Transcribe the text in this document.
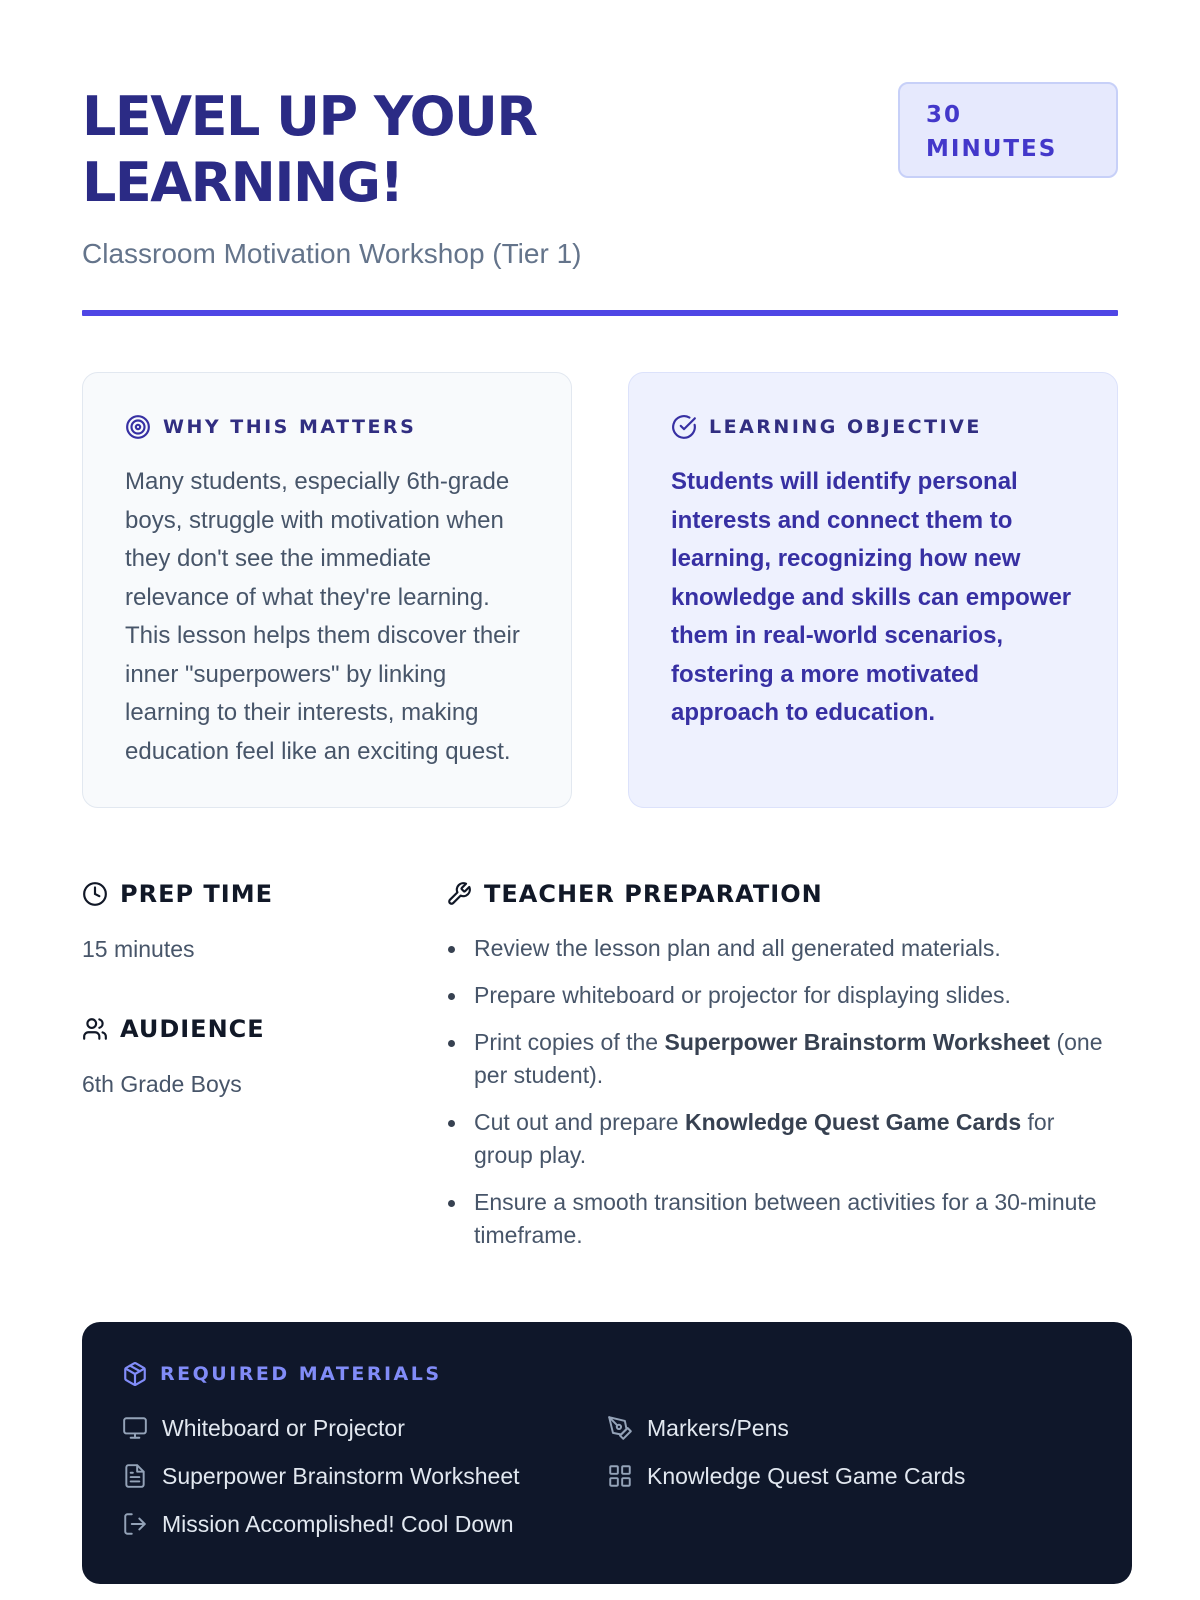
LEVEL UP YOUR LEARNING!
Classroom Motivation Workshop (Tier 1)
30 MINUTES
WHY THIS MATTERS

Many students, especially 6th-grade boys, struggle with motivation when they don't see the immediate relevance of what they're learning. This lesson helps them discover their inner "superpowers" by linking learning to their interests, making education feel like an exciting quest.

LEARNING OBJECTIVE

Students will identify personal interests and connect them to learning, recognizing how new knowledge and skills can empower them in real-world scenarios, fostering a more motivated approach to education.

PREP TIME
15 minutes
AUDIENCE
6th Grade Boys
TEACHER PREPARATION
Review the lesson plan and all generated materials.
Prepare whiteboard or projector for displaying slides.
Print copies of the Superpower Brainstorm Worksheet (one per student).
Cut out and prepare Knowledge Quest Game Cards for group play.
Ensure a smooth transition between activities for a 30-minute timeframe.
REQUIRED MATERIALS
Whiteboard or Projector	Markers/Pens
Superpower Brainstorm Worksheet	Knowledge Quest Game Cards
Mission Accomplished! Cool Down
